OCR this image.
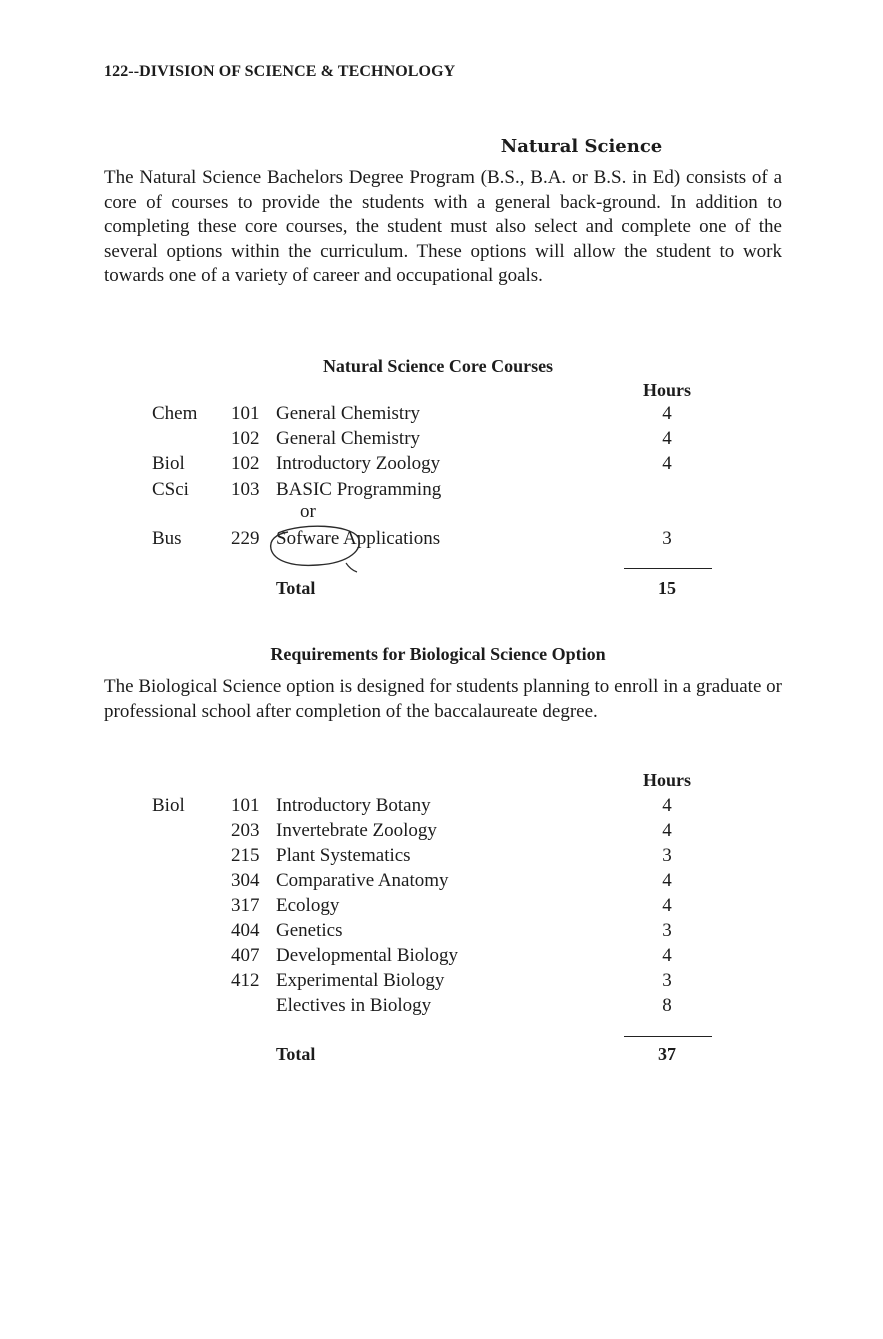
122--DIVISION OF SCIENCE & TECHNOLOGY
Natural Science
The Natural Science Bachelors Degree Program (B.S., B.A. or B.S. in Ed) consists of a core of courses to provide the students with a general back-ground. In addition to completing these core courses, the student must also select and complete one of the several options within the curriculum. These options will allow the student to work towards one of a variety of career and occupational goals.
Natural Science Core Courses
Hours
Chem 101 General Chemistry	4
102 General Chemistry	4
Biol 102 Introductory Zoology	4
CSci 103 BASIC Programming
or
Bus	229 Sofware Applications	3
Total	15
Requirements for Biological Science Option
The Biological Science option is designed for students planning to enroll in a graduate or professional school after completion of the baccalaureate degree.
Hours
Biol 101 Introductory Botany	4
203 Invertebrate Zoology	4
215 Plant Systematics	3
304 Comparative Anatomy	4
317 Ecology	4
404 Genetics	3
407 Developmental Biology	4
412 Experimental Biology	3
Electives in Biology	8
Total	37
